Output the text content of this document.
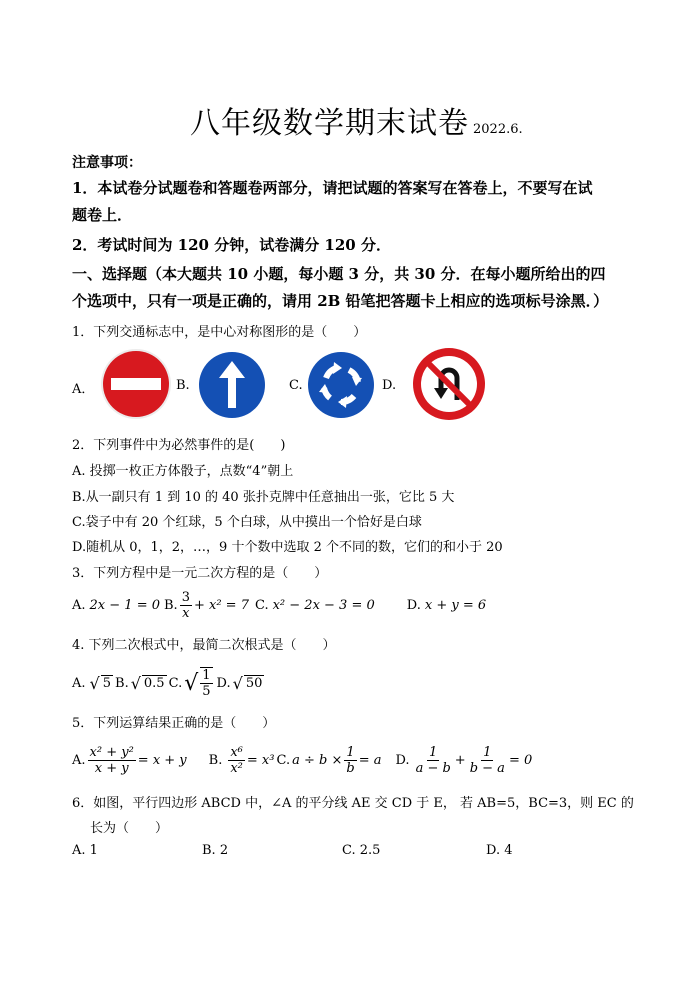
八年级数学期末试卷 2022.6.
注意事项：
1．本试卷分试题卷和答题卷两部分，请把试题的答案写在答卷上，不要写在试
题卷上．
2．考试时间为 120 分钟，试卷满分 120 分．
一、选择题（本大题共 10 小题，每小题 3 分，共 30 分．在每小题所给出的四
个选项中，只有一项是正确的，请用 2B 铅笔把答题卡上相应的选项标号涂黑．）
1．下列交通标志中，是中心对称图形的是（　　）
A．	B.	C.	D.
2．下列事件中为必然事件的是(　　)
A. 投掷一枚正方体骰子，点数“4”朝上
B.从一副只有 1 到 10 的 40 张扑克牌中任意抽出一张，它比 5 大
C.袋子中有 20 个红球，5 个白球，从中摸出一个恰好是白球
D.随机从 0，1，2，…，9 十个数中选取 2 个不同的数，它们的和小于 20
3．下列方程中是一元二次方程的是（　　）
A. 2x − 1 = 0 B. $\frac{3}{x} + x^2 = 7$ C. x² − 2x − 3 = 0 D. x + y = 6
4. 下列二次根式中，最简二次根式是（　　）
A. √ 5 B. √ 0.5 C. √ $\frac{1}{5} D$. √ 50
5．下列运算结果正确的是（　　）
A. $\frac{\text{x² + y²}}{x + y} = x + y$ B. $\frac{\text{x⁶}}{\text{x²}} = x^3$ C. $a \div b \times \frac{1}{b} = a$ D. $\frac{1}{a - b} + \frac{1}{b - a} = 0$
6．如图，平行四边形 ABCD 中，∠A 的平分线 AE 交 CD 于 E， 若 AB=5，BC=3，则 EC 的
长为（　　）
A. 1	B. 2	C. 2.5	D. 4
